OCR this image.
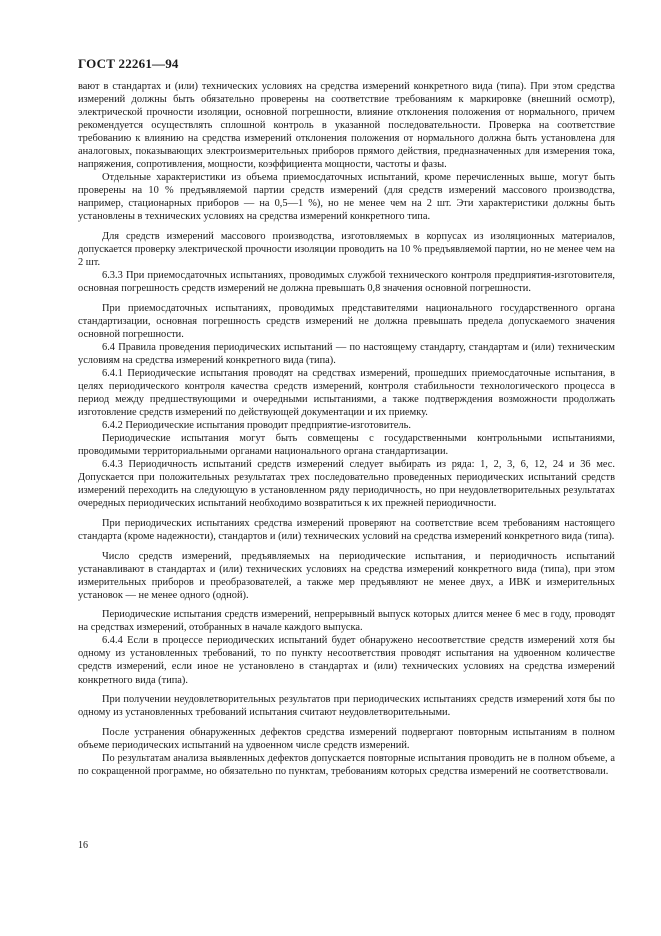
ГОСТ 22261—94

вают в стандартах и (или) технических условиях на средства измерений конкретного вида (типа). При этом средства измерений должны быть обязательно проверены на соответствие требованиям к маркировке (внешний осмотр), электрической прочности изоляции, основной погрешности, влияние отклонения положения от нормального, причем рекомендуется осуществлять сплошной контроль в указанной последовательности. Проверка на соответствие требованию к влиянию на средства измерений отклонения положения от нормального должна быть установлена для аналоговых, показывающих электроизмерительных приборов прямого действия, предназначенных для измерения тока, напряжения, сопротивления, мощности, коэффициента мощности, частоты и фазы.

Отдельные характеристики из объема приемосдаточных испытаний, кроме перечисленных выше, могут быть проверены на 10 % предъявляемой партии средств измерений (для средств измерений массового производства, например, стационарных приборов — на 0,5—1 %), но не менее чем на 2 шт. Эти характеристики должны быть установлены в технических условиях на средства измерений конкретного типа.

Для средств измерений массового производства, изготовляемых в корпусах из изоляционных материалов, допускается проверку электрической прочности изоляции проводить на 10 % предъявляемой партии, но не менее чем на 2 шт.

6.3.3 При приемосдаточных испытаниях, проводимых службой технического контроля предприятия-изготовителя, основная погрешность средств измерений не должна превышать 0,8 значения основной погрешности.

При приемосдаточных испытаниях, проводимых представителями национального государственного органа стандартизации, основная погрешность средств измерений не должна превышать предела допускаемого значения основной погрешности.

6.4 Правила проведения периодических испытаний — по настоящему стандарту, стандартам и (или) техническим условиям на средства измерений конкретного вида (типа).

6.4.1 Периодические испытания проводят на средствах измерений, прошедших приемосдаточные испытания, в целях периодического контроля качества средств измерений, контроля стабильности технологического процесса в период между предшествующими и очередными испытаниями, а также подтверждения возможности продолжать изготовление средств измерений по действующей документации и их приемку.

6.4.2 Периодические испытания проводит предприятие-изготовитель.

Периодические испытания могут быть совмещены с государственными контрольными испытаниями, проводимыми территориальными органами национального органа стандартизации.

6.4.3 Периодичность испытаний средств измерений следует выбирать из ряда: 1, 2, 3, 6, 12, 24 и 36 мес. Допускается при положительных результатах трех последовательно проведенных периодических испытаний средств измерений переходить на следующую в установленном ряду периодичность, но при неудовлетворительных результатах очередных периодических испытаний необходимо возвратиться к их прежней периодичности.

При периодических испытаниях средства измерений проверяют на соответствие всем требованиям настоящего стандарта (кроме надежности), стандартов и (или) технических условий на средства измерений конкретного вида (типа).

Число средств измерений, предъявляемых на периодические испытания, и периодичность испытаний устанавливают в стандартах и (или) технических условиях на средства измерений конкретного вида (типа), при этом измерительных приборов и преобразователей, а также мер предъявляют не менее двух, а ИВК и измерительных установок — не менее одного (одной).

Периодические испытания средств измерений, непрерывный выпуск которых длится менее 6 мес в году, проводят на средствах измерений, отобранных в начале каждого выпуска.

6.4.4 Если в процессе периодических испытаний будет обнаружено несоответствие средств измерений хотя бы одному из установленных требований, то по пункту несоответствия проводят испытания на удвоенном количестве средств измерений, если иное не установлено в стандартах и (или) технических условиях на средства измерений конкретного вида (типа).

При получении неудовлетворительных результатов при периодических испытаниях средств измерений хотя бы по одному из установленных требований испытания считают неудовлетворительными.

После устранения обнаруженных дефектов средства измерений подвергают повторным испытаниям в полном объеме периодических испытаний на удвоенном числе средств измерений.

По результатам анализа выявленных дефектов допускается повторные испытания проводить не в полном объеме, а по сокращенной программе, но обязательно по пунктам, требованиям которых средства измерений не соответствовали.

16
